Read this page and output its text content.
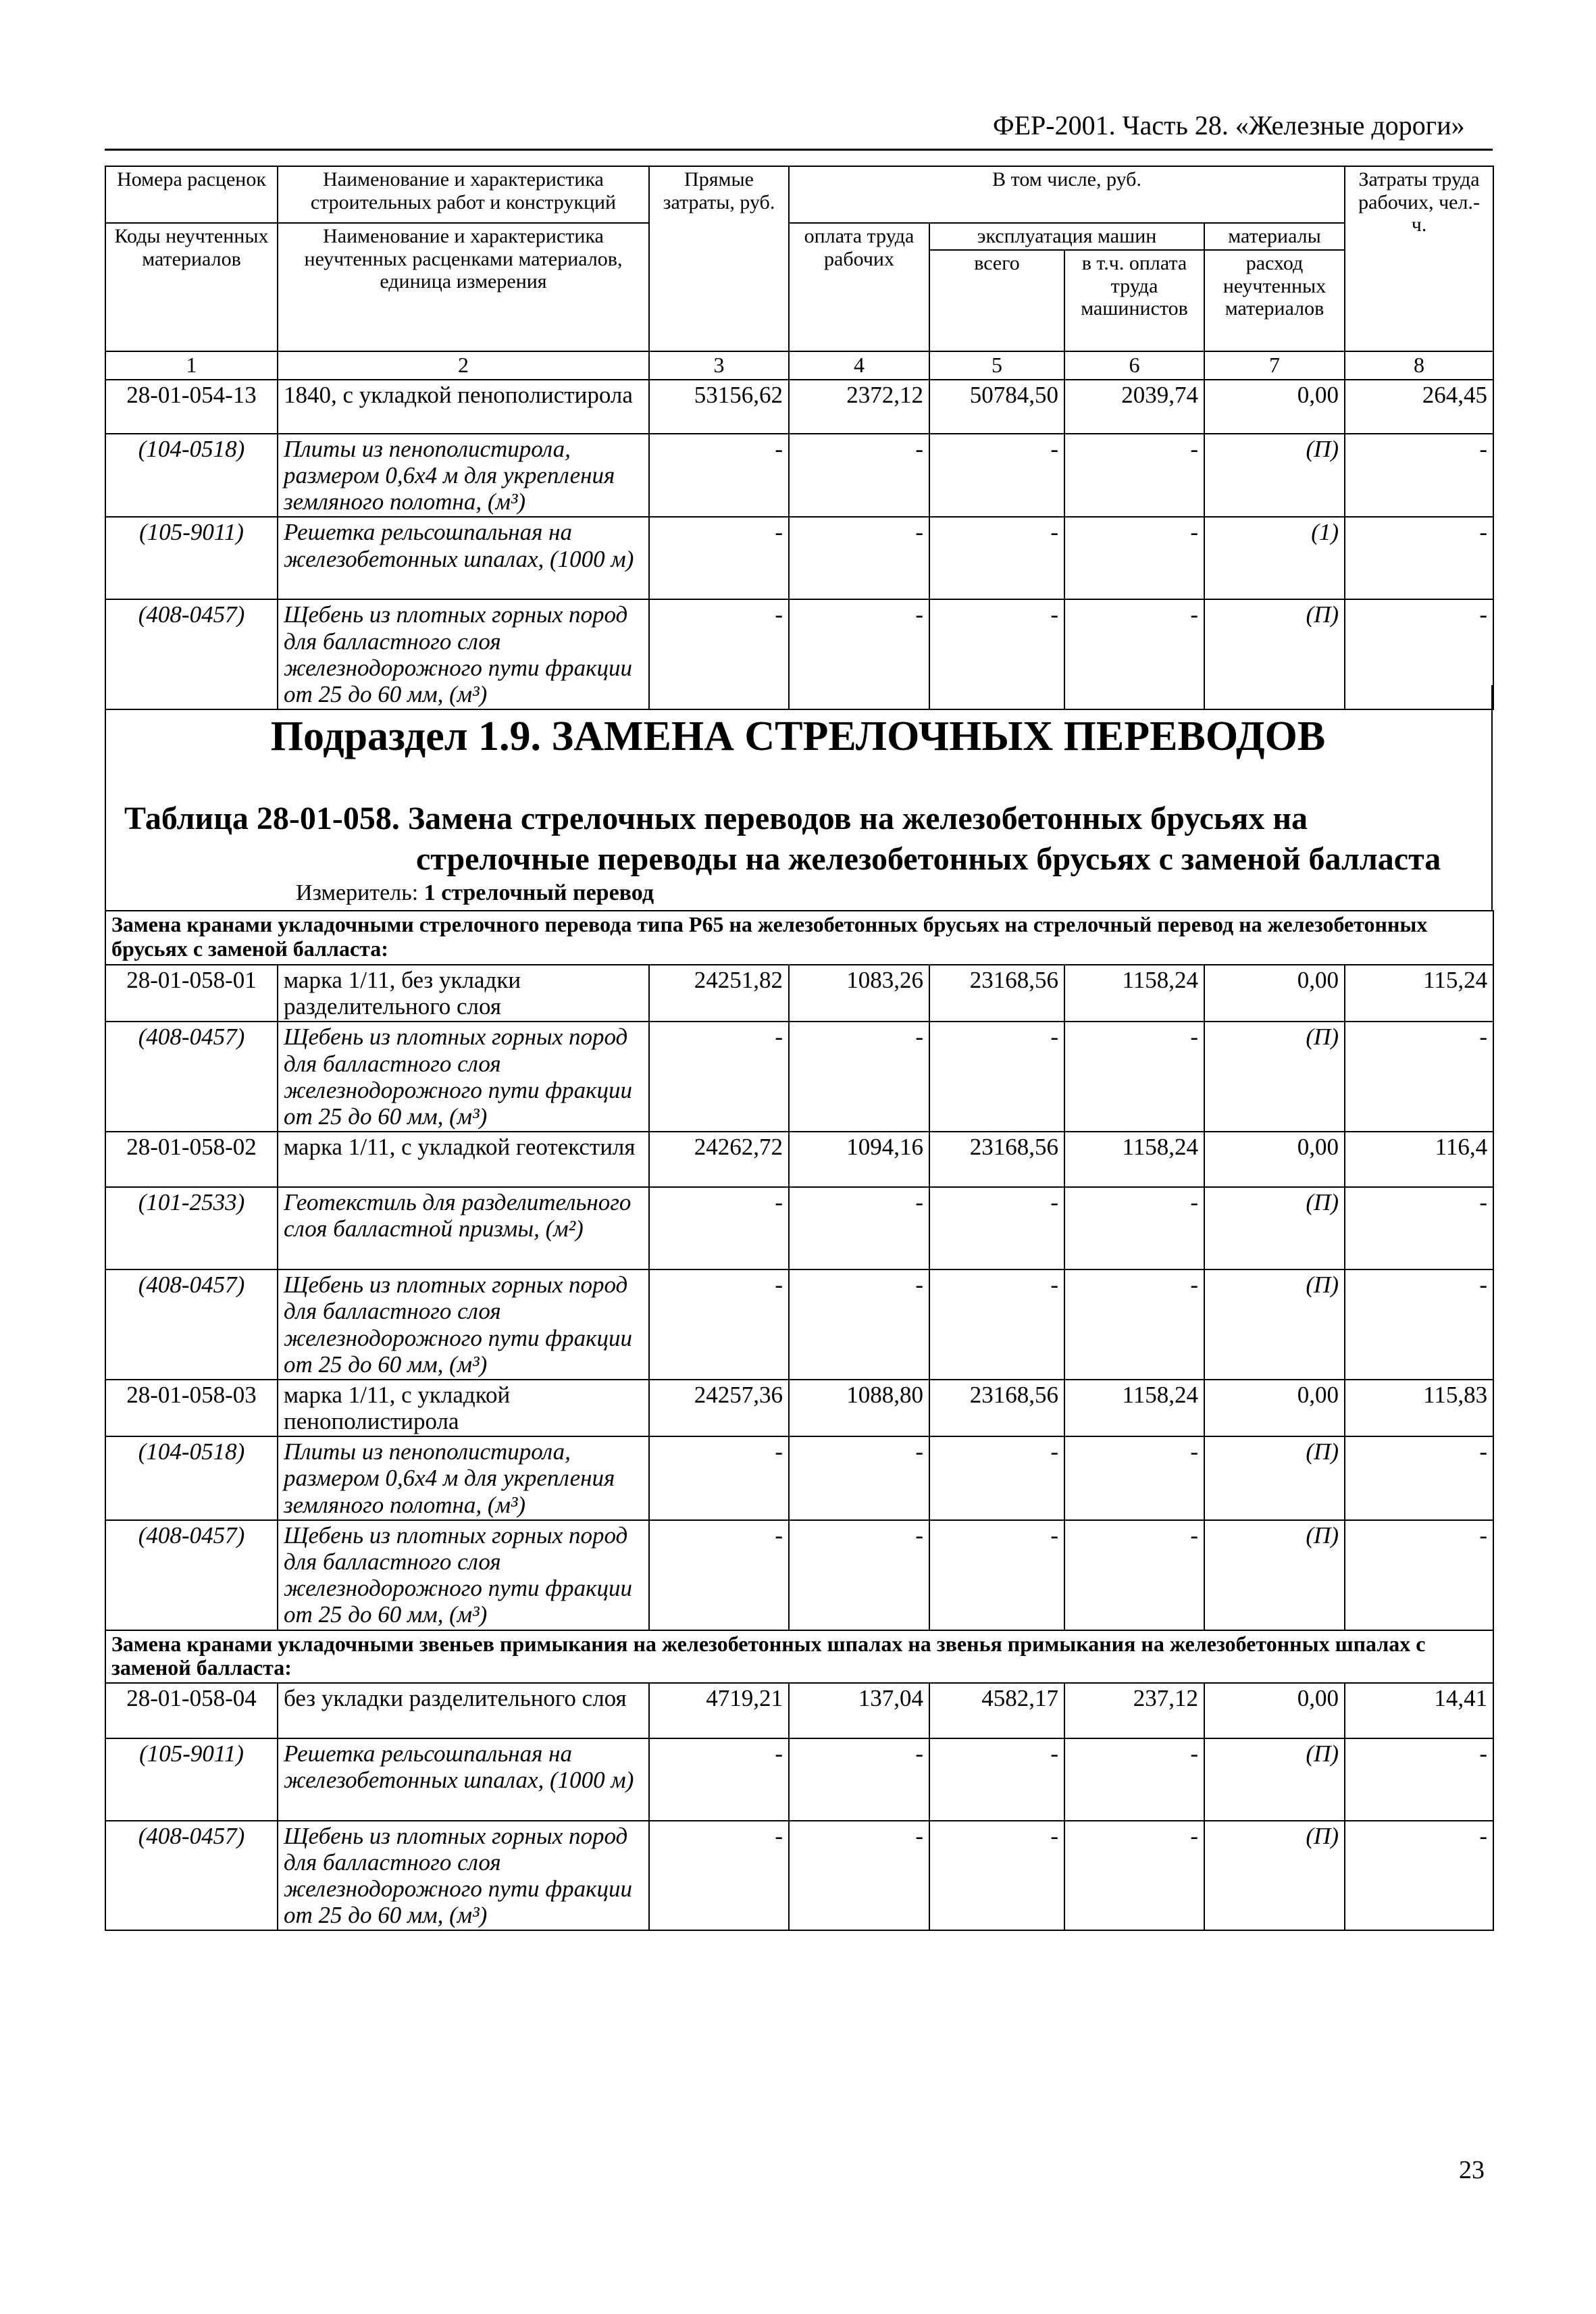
ФЕР-2001. Часть 28. «Железные дороги»
Номера расценок	Наименование и характеристика строительных работ и конструкций	Прямые затраты, руб.	В том числе, руб.				Затраты труда рабочих, чел.-ч.
Коды неучтенных материалов	Наименование и характеристика неучтенных расценками материалов, единица измерения		оплата труда рабочих	эксплуатация машин		материалы	
				всего	в т.ч. оплата труда машинистов	расход неучтенных материалов	
1	2	3	4	5	6	7	8
28-01-054-13	1840, с укладкой пенополистирола	53156,62	2372,12	50784,50	2039,74	0,00	264,45
(104-0518)	Плиты из пенополистирола, размером 0,6х4 м для укрепления земляного полотна, (м³)	-	-	-	-	(П)	-
(105-9011)	Решетка рельсошпальная на железобетонных шпалах, (1000 м)	-	-	-	-	(1)	-
(408-0457)	Щебень из плотных горных пород для балластного слоя железнодорожного пути фракции от 25 до 60 мм, (м³)	-	-	-	-	(П)	-
Подраздел 1.9. ЗАМЕНА СТРЕЛОЧНЫХ ПЕРЕВОДОВ
Таблица 28-01-058. Замена стрелочных переводов на железобетонных брусьях на
стрелочные переводы на железобетонных брусьях с заменой балласта
Измеритель: 1 стрелочный перевод
Замена кранами укладочными стрелочного перевода типа Р65 на железобетонных брусьях на стрелочный перевод на железобетонных брусьях с заменой балласта:							
28-01-058-01	марка 1/11, без укладки разделительного слоя	24251,82	1083,26	23168,56	1158,24	0,00	115,24
(408-0457)	Щебень из плотных горных пород для балластного слоя железнодорожного пути фракции от 25 до 60 мм, (м³)	-	-	-	-	(П)	-
28-01-058-02	марка 1/11, с укладкой геотекстиля	24262,72	1094,16	23168,56	1158,24	0,00	116,4
(101-2533)	Геотекстиль для разделительного слоя балластной призмы, (м²)	-	-	-	-	(П)	-
(408-0457)	Щебень из плотных горных пород для балластного слоя железнодорожного пути фракции от 25 до 60 мм, (м³)	-	-	-	-	(П)	-
28-01-058-03	марка 1/11, с укладкой пенополистирола	24257,36	1088,80	23168,56	1158,24	0,00	115,83
(104-0518)	Плиты из пенополистирола, размером 0,6х4 м для укрепления земляного полотна, (м³)	-	-	-	-	(П)	-
(408-0457)	Щебень из плотных горных пород для балластного слоя железнодорожного пути фракции от 25 до 60 мм, (м³)	-	-	-	-	(П)	-
Замена кранами укладочными звеньев примыкания на железобетонных шпалах на звенья примыкания на железобетонных шпалах с заменой балласта:							
28-01-058-04	без укладки разделительного слоя	4719,21	137,04	4582,17	237,12	0,00	14,41
(105-9011)	Решетка рельсошпальная на железобетонных шпалах, (1000 м)	-	-	-	-	(П)	-
(408-0457)	Щебень из плотных горных пород для балластного слоя железнодорожного пути фракции от 25 до 60 мм, (м³)	-	-	-	-	(П)	-
23
